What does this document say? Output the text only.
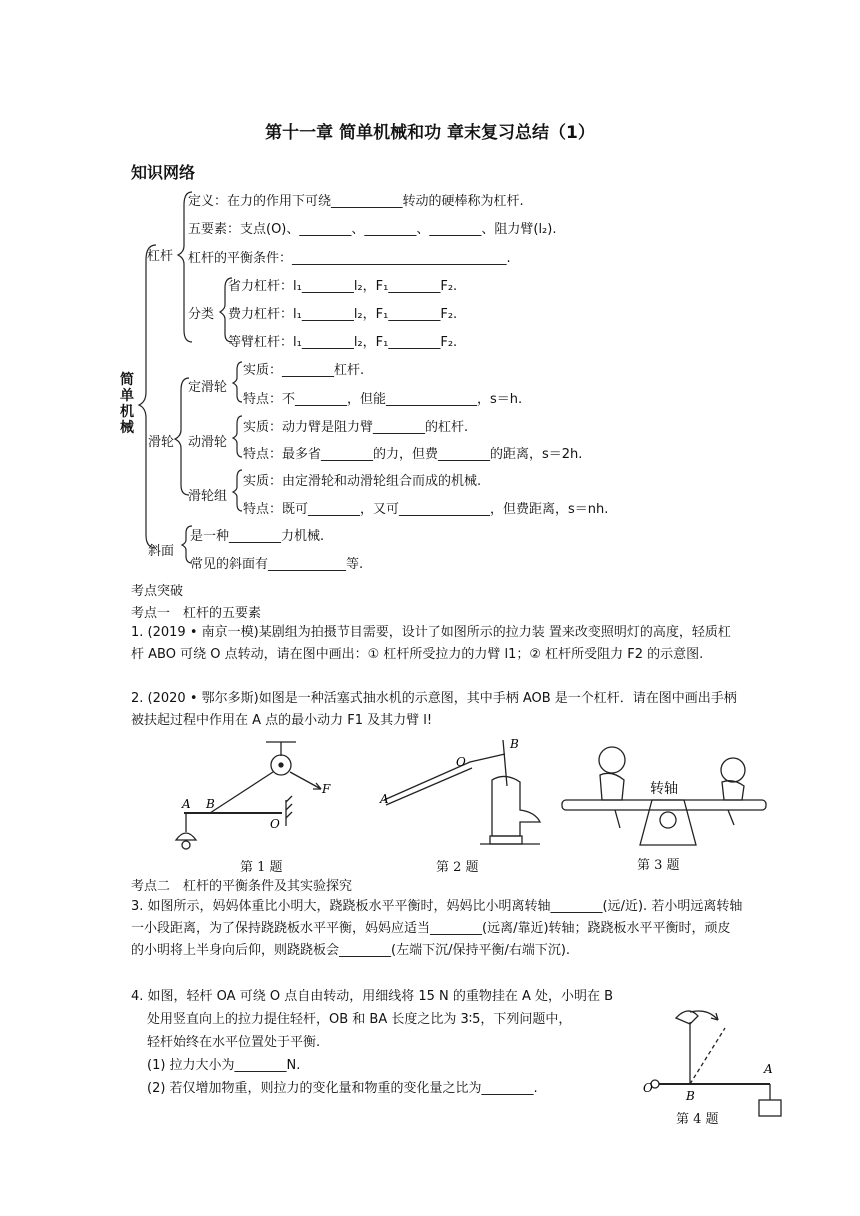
第十一章 简单机械和功 章末复习总结（1）
知识网络
简单机械
杠杆
定义：在力的作用下可绕___________转动的硬棒称为杠杆.
五要素：支点(O)、________、________、________、阻力臂(l₂).
杠杆的平衡条件：_________________________________.
分类
省力杠杆：l₁________l₂，F₁________F₂.
费力杠杆：l₁________l₂，F₁________F₂.
等臂杠杆：l₁________l₂，F₁________F₂.
滑轮
定滑轮
实质：________杠杆.
特点：不________，但能______________，s＝h.
动滑轮
实质：动力臂是阻力臂________的杠杆.
特点：最多省________的力，但费________的距离，s＝2h.
滑轮组
实质：由定滑轮和动滑轮组合而成的机械.
特点：既可________，又可______________，但费距离，s＝nh.
斜面
是一种________力机械.
常见的斜面有____________等.
考点突破
考点一　杠杆的五要素
1. (2019 • 南京一模)某剧组为拍摄节目需要，设计了如图所示的拉力装 置来改变照明灯的高度，轻质杠杆 ABO 可绕 O 点转动，请在图中画出：① 杠杆所受拉力的力臂 l1；② 杠杆所受阻力 F2 的示意图.
2. (2020 • 鄂尔多斯)如图是一种活塞式抽水机的示意图，其中手柄 AOB 是一个杠杆．请在图中画出手柄被扶起过程中作用在 A 点的最小动力 F1 及其力臂 l!
A B
O
F
A
O
B
转轴
O
B
A
第 1 题	第 2 题	第 3 题
考点二　杠杆的平衡条件及其实验探究
3. 如图所示，妈妈体重比小明大，跷跷板水平平衡时，妈妈比小明离转轴________(远/近). 若小明远离转轴一小段距离，为了保持跷跷板水平平衡，妈妈应适当________(远离/靠近)转轴；跷跷板水平平衡时，顽皮的小明将上半身向后仰，则跷跷板会________(左端下沉/保持平衡/右端下沉).
4. 如图，轻杆 OA 可绕 O 点自由转动，用细线将 15 N 的重物挂在 A 处，小明在 B
处用竖直向上的拉力提住轻杆，OB 和 BA 长度之比为 3∶5，下列问题中，
轻杆始终在水平位置处于平衡.
(1) 拉力大小为________N.
(2) 若仅增加物重，则拉力的变化量和物重的变化量之比为________.
第 4 题
